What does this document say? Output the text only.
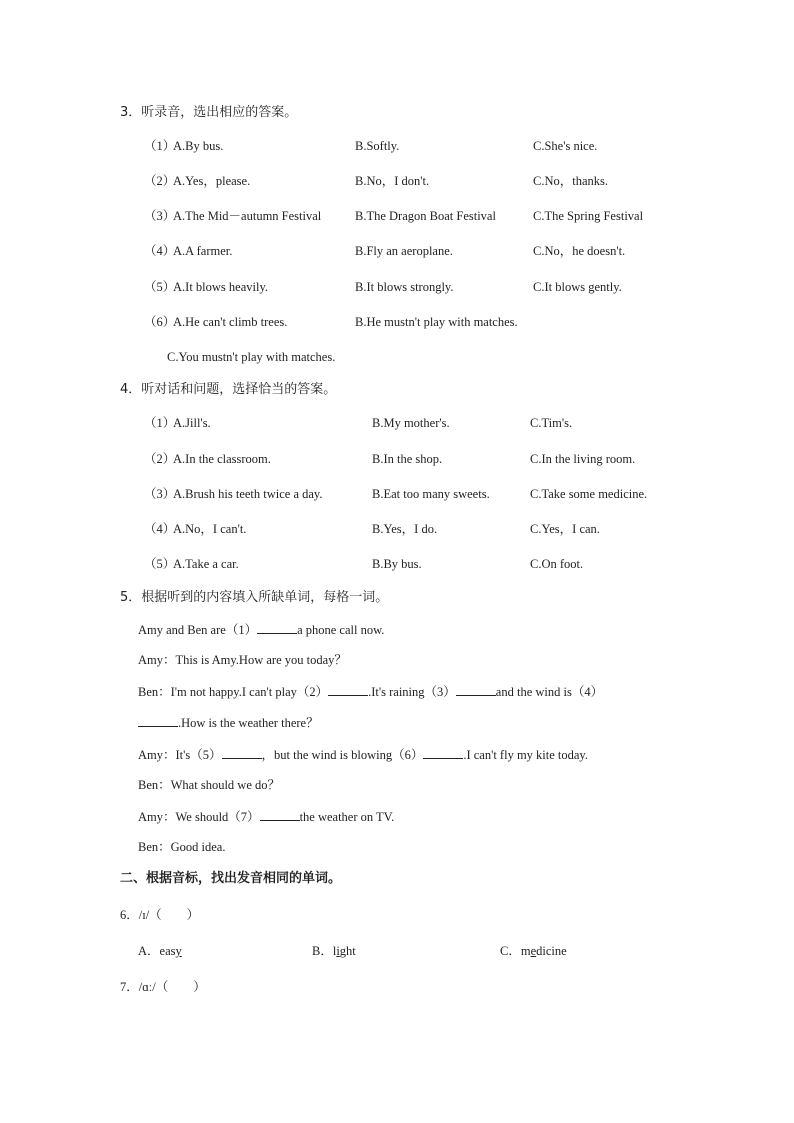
3．听录音，选出相应的答案。
（1）
A.By bus.	B.Softly.	C.She's nice.
（2）
A.Yes，please.	B.No，I don't.	C.No，thanks.
（3）
A.The Mid－autumn Festival	B.The Dragon Boat Festival	C.The Spring Festival
（4）
A.A farmer.	B.Fly an aeroplane.	C.No，he doesn't.
（5）
A.It blows heavily.	B.It blows strongly.	C.It blows gently.
（6）
A.He can't climb trees.	B.He mustn't play with matches.
C.You mustn't play with matches.
4．听对话和问题，选择恰当的答案。
（1）
A.Jill's.	B.My mother's.	C.Tim's.
（2）
A.In the classroom.	B.In the shop.	C.In the living room.
（3）
A.Brush his teeth twice a day.	B.Eat too many sweets.	C.Take some medicine.
（4）
A.No，I can't.	B.Yes，I do.	C.Yes，I can.
（5）
A.Take a car.	B.By bus.	C.On foot.
5．根据听到的内容填入所缺单词，每格一词。
Amy and Ben are（1）	a phone call now.
Amy：This is Amy.How are you today？
Ben：I'm not happy.I can't play（2）	.It's raining（3）	and the wind is（4）
.How is the weather there？
Amy：It's（5）	，but the wind is blowing（6）	.I can't fly my kite today.
Ben：What should we do？
Amy：We should（7）	the weather on TV.
Ben：Good idea.
二、根据音标，找出发音相同的单词。
6．/ɪ/（　　）
A．easy	B．light	C．medicine
7．/ɑː/（　　）
